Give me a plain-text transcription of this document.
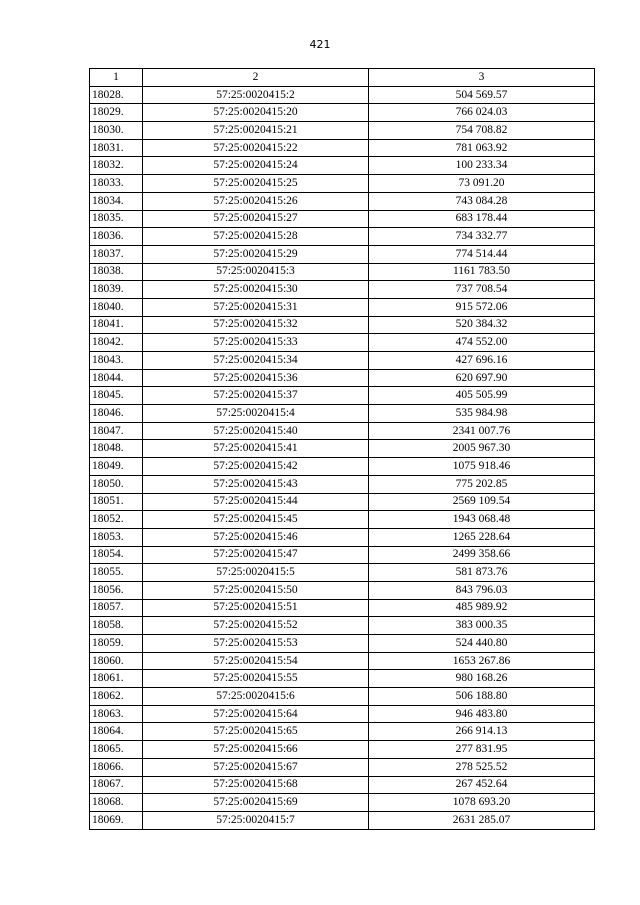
421
1	2	3
18028.	57:25:0020415:2	504 569.57
18029.	57:25:0020415:20	766 024.03
18030.	57:25:0020415:21	754 708.82
18031.	57:25:0020415:22	781 063.92
18032.	57:25:0020415:24	100 233.34
18033.	57:25:0020415:25	73 091.20
18034.	57:25:0020415:26	743 084.28
18035.	57:25:0020415:27	683 178.44
18036.	57:25:0020415:28	734 332.77
18037.	57:25:0020415:29	774 514.44
18038.	57:25:0020415:3	1161 783.50
18039.	57:25:0020415:30	737 708.54
18040.	57:25:0020415:31	915 572.06
18041.	57:25:0020415:32	520 384.32
18042.	57:25:0020415:33	474 552.00
18043.	57:25:0020415:34	427 696.16
18044.	57:25:0020415:36	620 697.90
18045.	57:25:0020415:37	405 505.99
18046.	57:25:0020415:4	535 984.98
18047.	57:25:0020415:40	2341 007.76
18048.	57:25:0020415:41	2005 967.30
18049.	57:25:0020415:42	1075 918.46
18050.	57:25:0020415:43	775 202.85
18051.	57:25:0020415:44	2569 109.54
18052.	57:25:0020415:45	1943 068.48
18053.	57:25:0020415:46	1265 228.64
18054.	57:25:0020415:47	2499 358.66
18055.	57:25:0020415:5	581 873.76
18056.	57:25:0020415:50	843 796.03
18057.	57:25:0020415:51	485 989.92
18058.	57:25:0020415:52	383 000.35
18059.	57:25:0020415:53	524 440.80
18060.	57:25:0020415:54	1653 267.86
18061.	57:25:0020415:55	980 168.26
18062.	57:25:0020415:6	506 188.80
18063.	57:25:0020415:64	946 483.80
18064.	57:25:0020415:65	266 914.13
18065.	57:25:0020415:66	277 831.95
18066.	57:25:0020415:67	278 525.52
18067.	57:25:0020415:68	267 452.64
18068.	57:25:0020415:69	1078 693.20
18069.	57:25:0020415:7	2631 285.07
